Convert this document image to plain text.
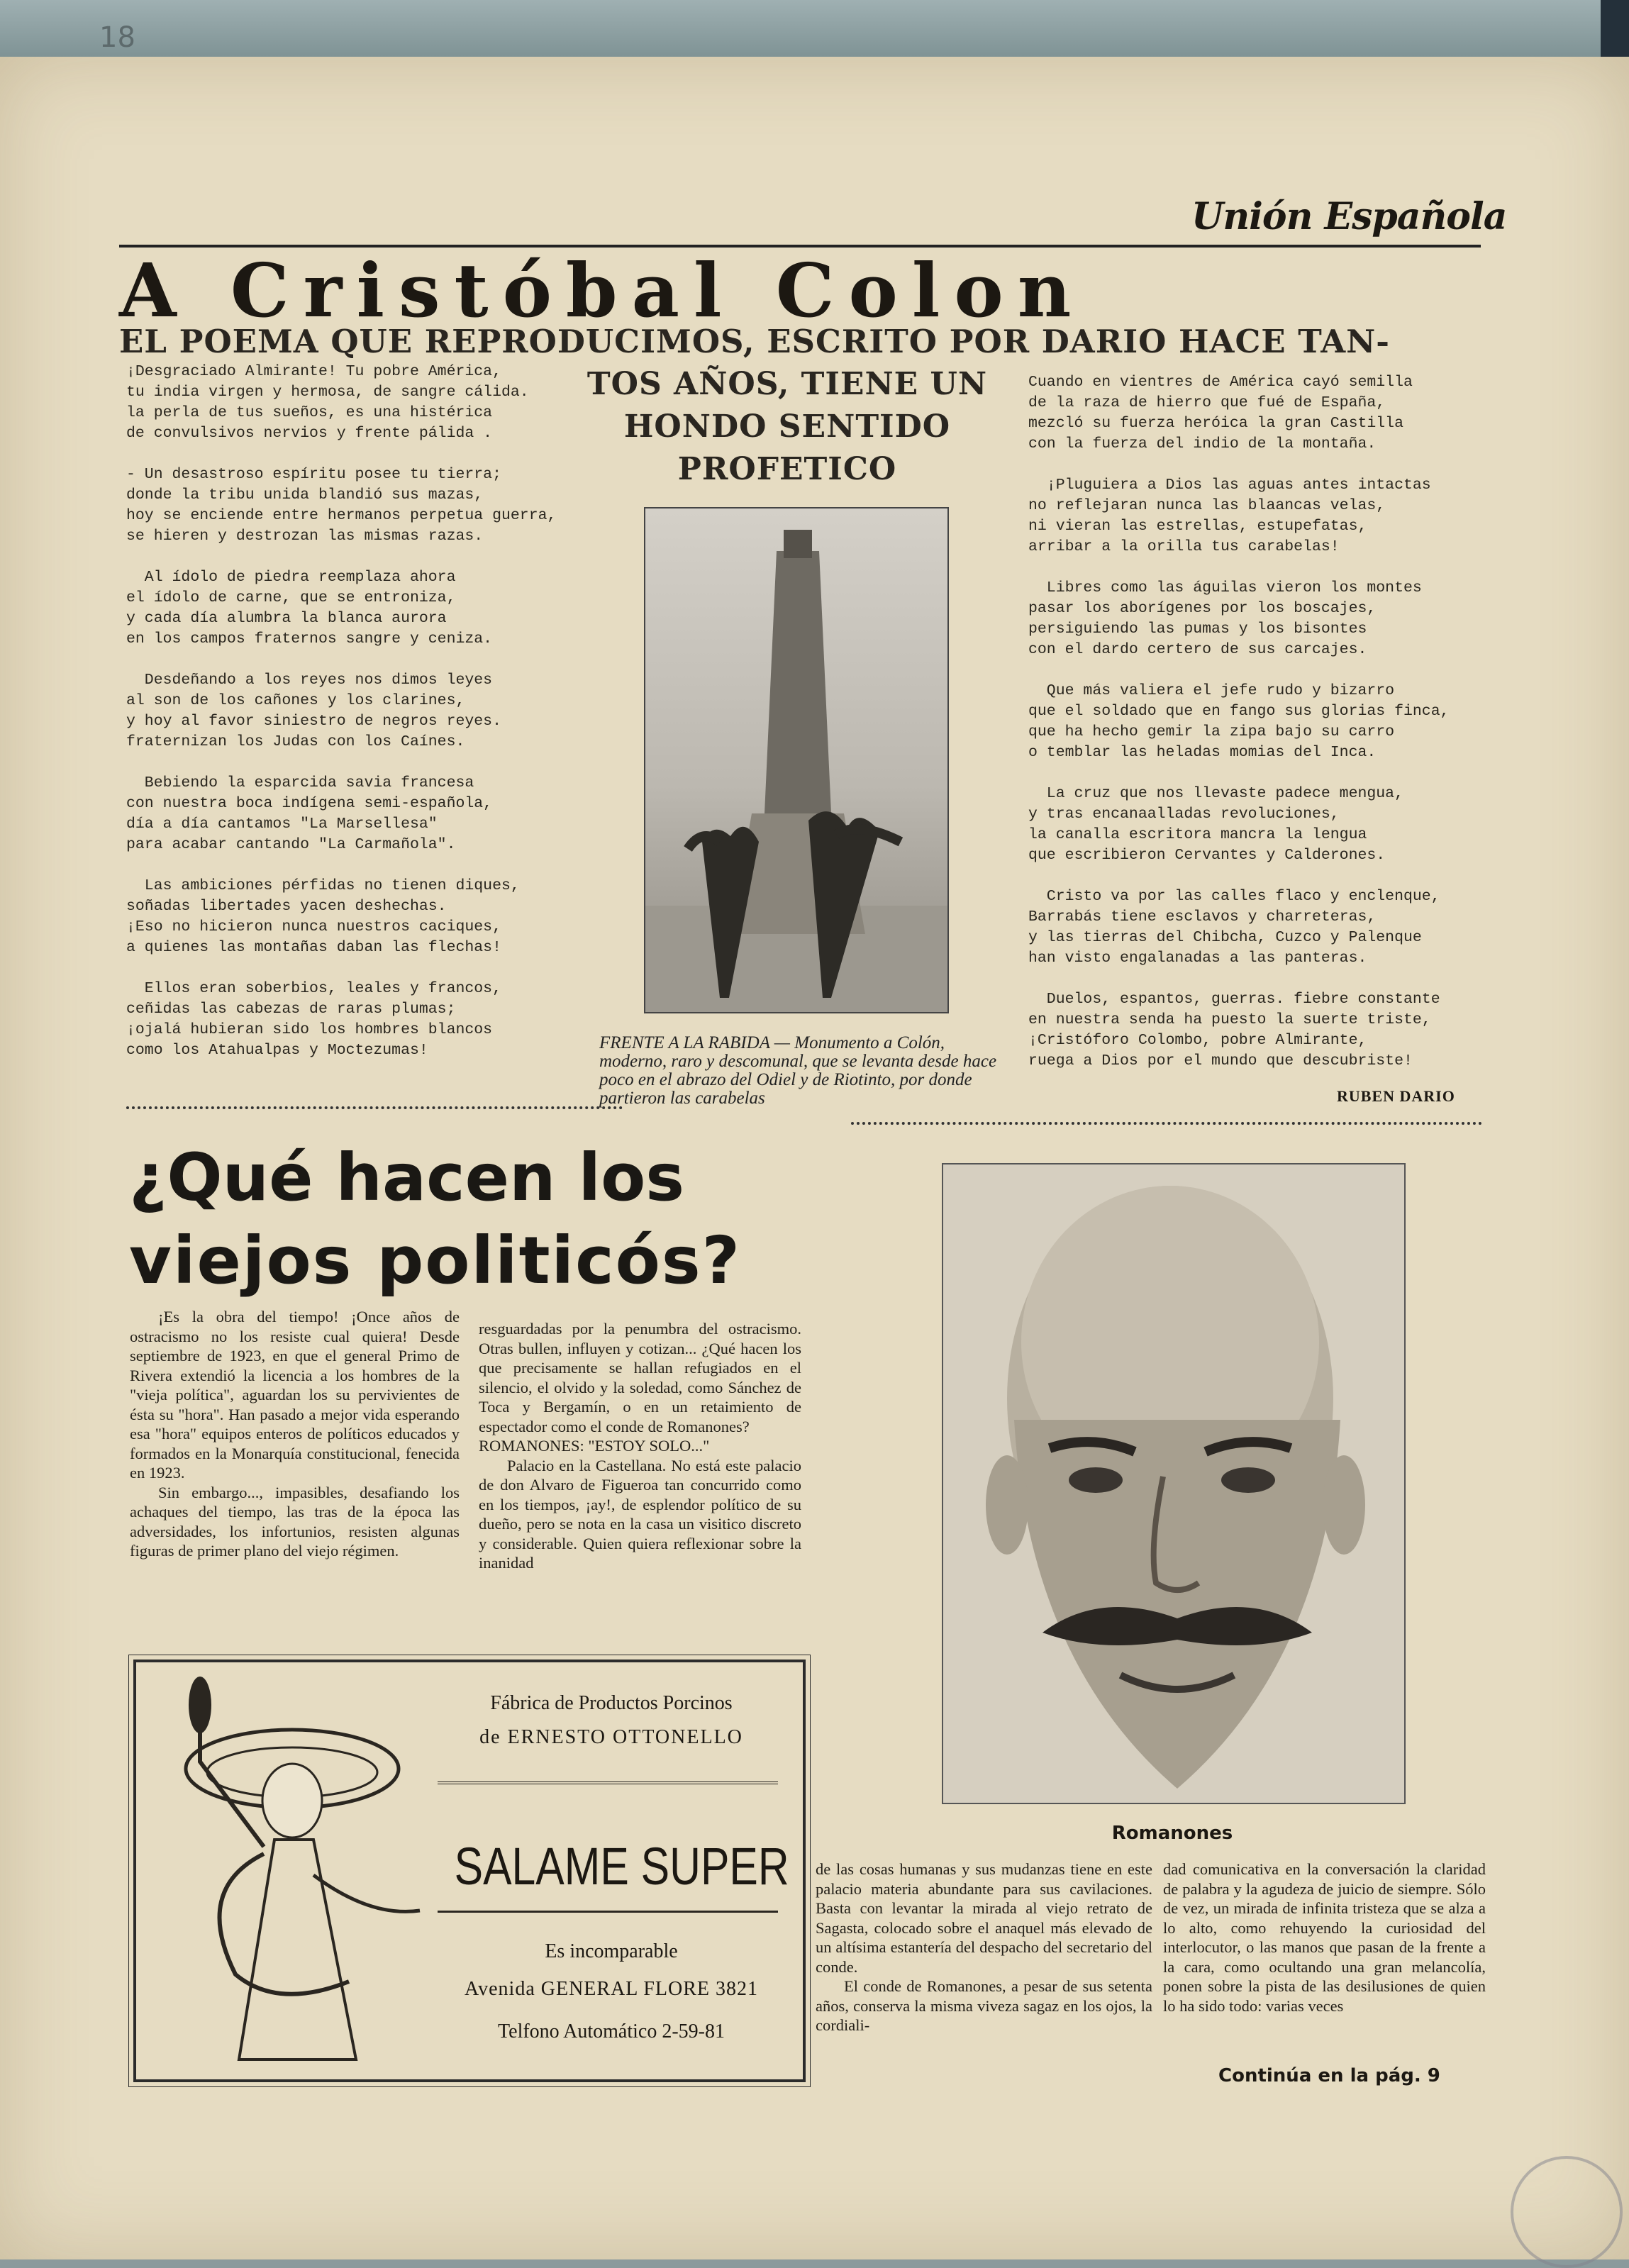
18
Unión Española
A Cristóbal Colon
EL POEMA QUE REPRODUCIMOS, ESCRITO POR DARIO HACE TAN-
TOS AÑOS, TIENE UN
HONDO SENTIDO
PROFETICO
¡Desgraciado Almirante! Tu pobre América,
tu india virgen y hermosa, de sangre cálida.
la perla de tus sueños, es una histérica
de convulsivos nervios y frente pálida .

- Un desastroso espíritu posee tu tierra;
donde la tribu unida blandió sus mazas,
hoy se enciende entre hermanos perpetua guerra,
se hieren y destrozan las mismas razas.

Al ídolo de piedra reemplaza ahora
el ídolo de carne, que se entroniza,
y cada día alumbra la blanca aurora
en los campos fraternos sangre y ceniza.

Desdeñando a los reyes nos dimos leyes
al son de los cañones y los clarines,
y hoy al favor siniestro de negros reyes.
fraternizan los Judas con los Caínes.

Bebiendo la esparcida savia francesa
con nuestra boca indígena semi-española,
día a día cantamos "La Marsellesa"
para acabar cantando "La Carmañola".

Las ambiciones pérfidas no tienen diques,
soñadas libertades yacen deshechas.
¡Eso no hicieron nunca nuestros caciques,
a quienes las montañas daban las flechas!

Ellos eran soberbios, leales y francos,
ceñidas las cabezas de raras plumas;
¡ojalá hubieran sido los hombres blancos
como los Atahualpas y Moctezumas!
Cuando en vientres de América cayó semilla
de la raza de hierro que fué de España,
mezcló su fuerza heróica la gran Castilla
con la fuerza del indio de la montaña.

¡Pluguiera a Dios las aguas antes intactas
no reflejaran nunca las blaancas velas,
ni vieran las estrellas, estupefatas,
arribar a la orilla tus carabelas!

Libres como las águilas vieron los montes
pasar los aborígenes por los boscajes,
persiguiendo las pumas y los bisontes
con el dardo certero de sus carcajes.

Que más valiera el jefe rudo y bizarro
que el soldado que en fango sus glorias finca,
que ha hecho gemir la zipa bajo su carro
o temblar las heladas momias del Inca.

La cruz que nos llevaste padece mengua,
y tras encanaalladas revoluciones,
la canalla escritora mancra la lengua
que escribieron Cervantes y Calderones.

Cristo va por las calles flaco y enclenque,
Barrabás tiene esclavos y charreteras,
y las tierras del Chibcha, Cuzco y Palenque
han visto engalanadas a las panteras.

Duelos, espantos, guerras. fiebre constante
en nuestra senda ha puesto la suerte triste,
¡Cristóforo Colombo, pobre Almirante,
ruega a Dios por el mundo que descubriste!
FRENTE A LA RABIDA — Monumento a Colón, moderno, raro y descomunal, que se levanta desde hace poco en el abrazo del Odiel y de Riotinto, por donde partieron las carabelas	RUBEN DARIO
¿Qué hacen los
viejos politicós?

¡Es la obra del tiempo! ¡Once años de ostracismo no los resiste cual quiera! Desde septiembre de 1923, en que el general Primo de Rivera extendió la licencia a los hombres de la "vieja política", aguardan los su pervivientes de ésta su "hora". Han pasado a mejor vida esperando esa "hora" equipos enteros de políticos educados y formados en la Monarquía constitucional, fenecida en 1923.

Sin embargo..., impasibles, desafiando los achaques del tiempo, las tras de la época las adversidades, los infortunios, resisten algunas figuras de primer plano del viejo régimen.

resguardadas por la penumbra del ostracismo. Otras bullen, influyen y cotizan... ¿Qué hacen los que precisamente se hallan refugiados en el silencio, el olvido y la soledad, como Sánchez de Toca y Bergamín, o en un retaimiento de espectador como el conde de Romanones?

ROMANONES: "ESTOY SOLO..."

Palacio en la Castellana. No está este palacio de don Alvaro de Figueroa tan concurrido como en los tiempos, ¡ay!, de esplendor político de su dueño, pero se nota en la casa un visitico discreto y considerable. Quien quiera reflexionar sobre la inanidad

Romanones

de las cosas humanas y sus mudanzas tiene en este palacio materia abundante para sus cavilaciones. Basta con levantar la mirada al viejo retrato de Sagasta, colocado sobre el anaquel más elevado de un altísima estantería del despacho del secretario del conde.

El conde de Romanones, a pesar de sus setenta años, conserva la misma viveza sagaz en los ojos, la cordiali-

dad comunicativa en la conversación la claridad de palabra y la agudeza de juicio de siempre. Sólo de vez, un mirada de infinita tristeza que se alza a lo alto, como rehuyendo la curiosidad del interlocutor, o las manos que pasan de la frente a la cara, como ocultando una gran melancolía, ponen sobre la pista de las desilusiones de quien lo ha sido todo: varias veces

Continúa en la pág. 9
Fábrica de Productos Porcinos
de ERNESTO OTTONELLO
SALAME SUPER
Es incomparable
Avenida GENERAL FLORE 3821
Telfono Automático 2-59-81
